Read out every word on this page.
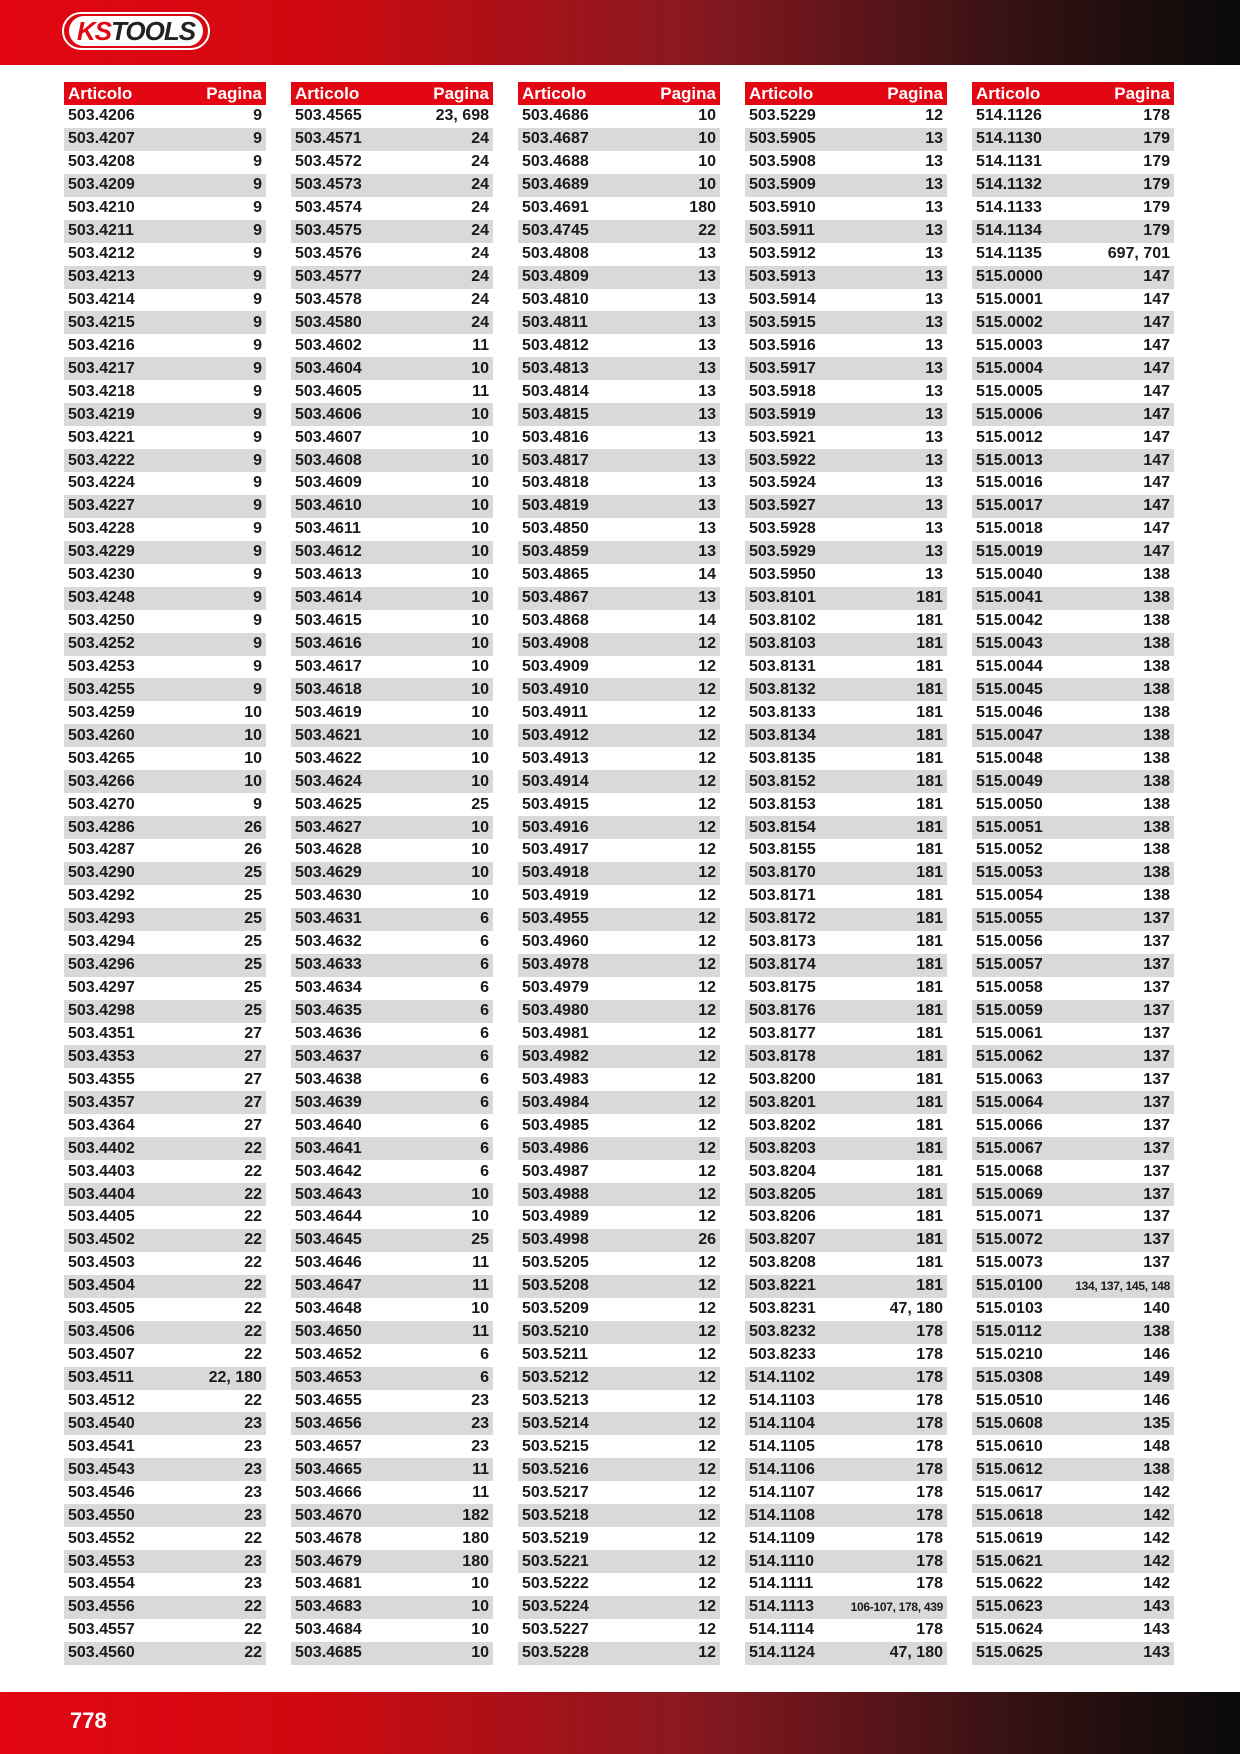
KS TOOLS
Articolo	Pagina
503.4206	9
503.4207	9
503.4208	9
503.4209	9
503.4210	9
503.4211	9
503.4212	9
503.4213	9
503.4214	9
503.4215	9
503.4216	9
503.4217	9
503.4218	9
503.4219	9
503.4221	9
503.4222	9
503.4224	9
503.4227	9
503.4228	9
503.4229	9
503.4230	9
503.4248	9
503.4250	9
503.4252	9
503.4253	9
503.4255	9
503.4259	10
503.4260	10
503.4265	10
503.4266	10
503.4270	9
503.4286	26
503.4287	26
503.4290	25
503.4292	25
503.4293	25
503.4294	25
503.4296	25
503.4297	25
503.4298	25
503.4351	27
503.4353	27
503.4355	27
503.4357	27
503.4364	27
503.4402	22
503.4403	22
503.4404	22
503.4405	22
503.4502	22
503.4503	22
503.4504	22
503.4505	22
503.4506	22
503.4507	22
503.4511	22, 180
503.4512	22
503.4540	23
503.4541	23
503.4543	23
503.4546	23
503.4550	23
503.4552	22
503.4553	23
503.4554	23
503.4556	22
503.4557	22
503.4560	22
Articolo	Pagina
503.4565	23, 698
503.4571	24
503.4572	24
503.4573	24
503.4574	24
503.4575	24
503.4576	24
503.4577	24
503.4578	24
503.4580	24
503.4602	11
503.4604	10
503.4605	11
503.4606	10
503.4607	10
503.4608	10
503.4609	10
503.4610	10
503.4611	10
503.4612	10
503.4613	10
503.4614	10
503.4615	10
503.4616	10
503.4617	10
503.4618	10
503.4619	10
503.4621	10
503.4622	10
503.4624	10
503.4625	25
503.4627	10
503.4628	10
503.4629	10
503.4630	10
503.4631	6
503.4632	6
503.4633	6
503.4634	6
503.4635	6
503.4636	6
503.4637	6
503.4638	6
503.4639	6
503.4640	6
503.4641	6
503.4642	6
503.4643	10
503.4644	10
503.4645	25
503.4646	11
503.4647	11
503.4648	10
503.4650	11
503.4652	6
503.4653	6
503.4655	23
503.4656	23
503.4657	23
503.4665	11
503.4666	11
503.4670	182
503.4678	180
503.4679	180
503.4681	10
503.4683	10
503.4684	10
503.4685	10
Articolo	Pagina
503.4686	10
503.4687	10
503.4688	10
503.4689	10
503.4691	180
503.4745	22
503.4808	13
503.4809	13
503.4810	13
503.4811	13
503.4812	13
503.4813	13
503.4814	13
503.4815	13
503.4816	13
503.4817	13
503.4818	13
503.4819	13
503.4850	13
503.4859	13
503.4865	14
503.4867	13
503.4868	14
503.4908	12
503.4909	12
503.4910	12
503.4911	12
503.4912	12
503.4913	12
503.4914	12
503.4915	12
503.4916	12
503.4917	12
503.4918	12
503.4919	12
503.4955	12
503.4960	12
503.4978	12
503.4979	12
503.4980	12
503.4981	12
503.4982	12
503.4983	12
503.4984	12
503.4985	12
503.4986	12
503.4987	12
503.4988	12
503.4989	12
503.4998	26
503.5205	12
503.5208	12
503.5209	12
503.5210	12
503.5211	12
503.5212	12
503.5213	12
503.5214	12
503.5215	12
503.5216	12
503.5217	12
503.5218	12
503.5219	12
503.5221	12
503.5222	12
503.5224	12
503.5227	12
503.5228	12
Articolo	Pagina
503.5229	12
503.5905	13
503.5908	13
503.5909	13
503.5910	13
503.5911	13
503.5912	13
503.5913	13
503.5914	13
503.5915	13
503.5916	13
503.5917	13
503.5918	13
503.5919	13
503.5921	13
503.5922	13
503.5924	13
503.5927	13
503.5928	13
503.5929	13
503.5950	13
503.8101	181
503.8102	181
503.8103	181
503.8131	181
503.8132	181
503.8133	181
503.8134	181
503.8135	181
503.8152	181
503.8153	181
503.8154	181
503.8155	181
503.8170	181
503.8171	181
503.8172	181
503.8173	181
503.8174	181
503.8175	181
503.8176	181
503.8177	181
503.8178	181
503.8200	181
503.8201	181
503.8202	181
503.8203	181
503.8204	181
503.8205	181
503.8206	181
503.8207	181
503.8208	181
503.8221	181
503.8231	47, 180
503.8232	178
503.8233	178
514.1102	178
514.1103	178
514.1104	178
514.1105	178
514.1106	178
514.1107	178
514.1108	178
514.1109	178
514.1110	178
514.1111	178
514.1113	106-107, 178, 439
514.1114	178
514.1124	47, 180
Articolo	Pagina
514.1126	178
514.1130	179
514.1131	179
514.1132	179
514.1133	179
514.1134	179
514.1135	697, 701
515.0000	147
515.0001	147
515.0002	147
515.0003	147
515.0004	147
515.0005	147
515.0006	147
515.0012	147
515.0013	147
515.0016	147
515.0017	147
515.0018	147
515.0019	147
515.0040	138
515.0041	138
515.0042	138
515.0043	138
515.0044	138
515.0045	138
515.0046	138
515.0047	138
515.0048	138
515.0049	138
515.0050	138
515.0051	138
515.0052	138
515.0053	138
515.0054	138
515.0055	137
515.0056	137
515.0057	137
515.0058	137
515.0059	137
515.0061	137
515.0062	137
515.0063	137
515.0064	137
515.0066	137
515.0067	137
515.0068	137
515.0069	137
515.0071	137
515.0072	137
515.0073	137
515.0100	134, 137, 145, 148
515.0103	140
515.0112	138
515.0210	146
515.0308	149
515.0510	146
515.0608	135
515.0610	148
515.0612	138
515.0617	142
515.0618	142
515.0619	142
515.0621	142
515.0622	142
515.0623	143
515.0624	143
515.0625	143
778
